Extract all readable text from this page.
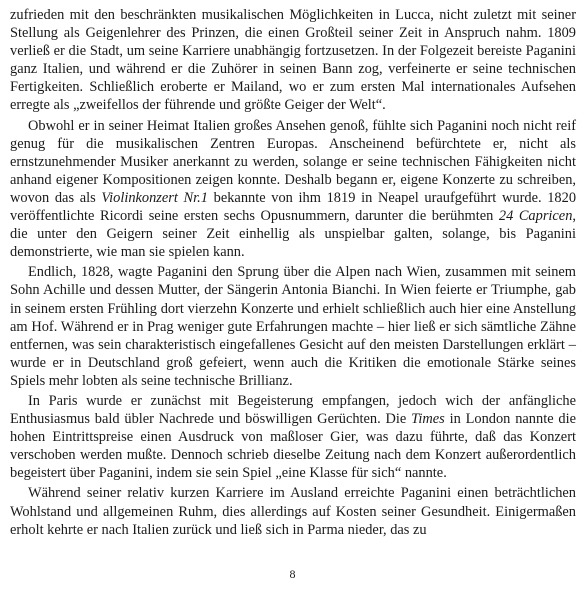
zufrieden mit den beschränkten musikalischen Möglichkeiten in Lucca, nicht zuletzt mit seiner Stellung als Geigenlehrer des Prinzen, die einen Großteil seiner Zeit in Anspruch nahm. 1809 verließ er die Stadt, um seine Karriere unabhängig fortzusetzen. In der Folgezeit bereiste Paganini ganz Italien, und während er die Zuhörer in seinen Bann zog, verfeinerte er seine technischen Fertigkeiten. Schließlich eroberte er Mailand, wo er zum ersten Mal internationales Aufsehen erregte als „zweifellos der führende und größte Geiger der Welt“.

Obwohl er in seiner Heimat Italien großes Ansehen genoß, fühlte sich Paganini noch nicht reif genug für die musikalischen Zentren Europas. Anscheinend befürchtete er, nicht als ernstzunehmender Musiker anerkannt zu werden, solange er seine technischen Fähigkeiten nicht anhand eigener Kompositionen zeigen konnte. Deshalb begann er, eigene Konzerte zu schreiben, wovon das als Violinkonzert Nr.1 bekannte von ihm 1819 in Neapel uraufgeführt wurde. 1820 veröffentlichte Ricordi seine ersten sechs Opusnummern, darunter die berühmten 24 Capricen, die unter den Geigern seiner Zeit einhellig als unspielbar galten, solange, bis Paganini demonstrierte, wie man sie spielen kann.

Endlich, 1828, wagte Paganini den Sprung über die Alpen nach Wien, zusammen mit seinem Sohn Achille und dessen Mutter, der Sängerin Antonia Bianchi. In Wien feierte er Triumphe, gab in seinem ersten Frühling dort vierzehn Konzerte und erhielt schließlich auch hier eine Anstellung am Hof. Während er in Prag weniger gute Erfahrungen machte – hier ließ er sich sämtliche Zähne entfernen, was sein charakteristisch eingefallenes Gesicht auf den meisten Darstellungen erklärt – wurde er in Deutschland groß gefeiert, wenn auch die Kritiken die emotionale Stärke seines Spiels mehr lobten als seine technische Brillianz.

In Paris wurde er zunächst mit Begeisterung empfangen, jedoch wich der anfängliche Enthusiasmus bald übler Nachrede und böswilligen Gerüchten. Die Times in London nannte die hohen Eintrittspreise einen Ausdruck von maßloser Gier, was dazu führte, daß das Konzert verschoben werden mußte. Dennoch schrieb dieselbe Zeitung nach dem Konzert außerordentlich begeistert über Paganini, indem sie sein Spiel „eine Klasse für sich“ nannte.

Während seiner relativ kurzen Karriere im Ausland erreichte Paganini einen beträchtlichen Wohlstand und allgemeinen Ruhm, dies allerdings auf Kosten seiner Gesundheit. Einigermaßen erholt kehrte er nach Italien zurück und ließ sich in Parma nieder, das zu

8
